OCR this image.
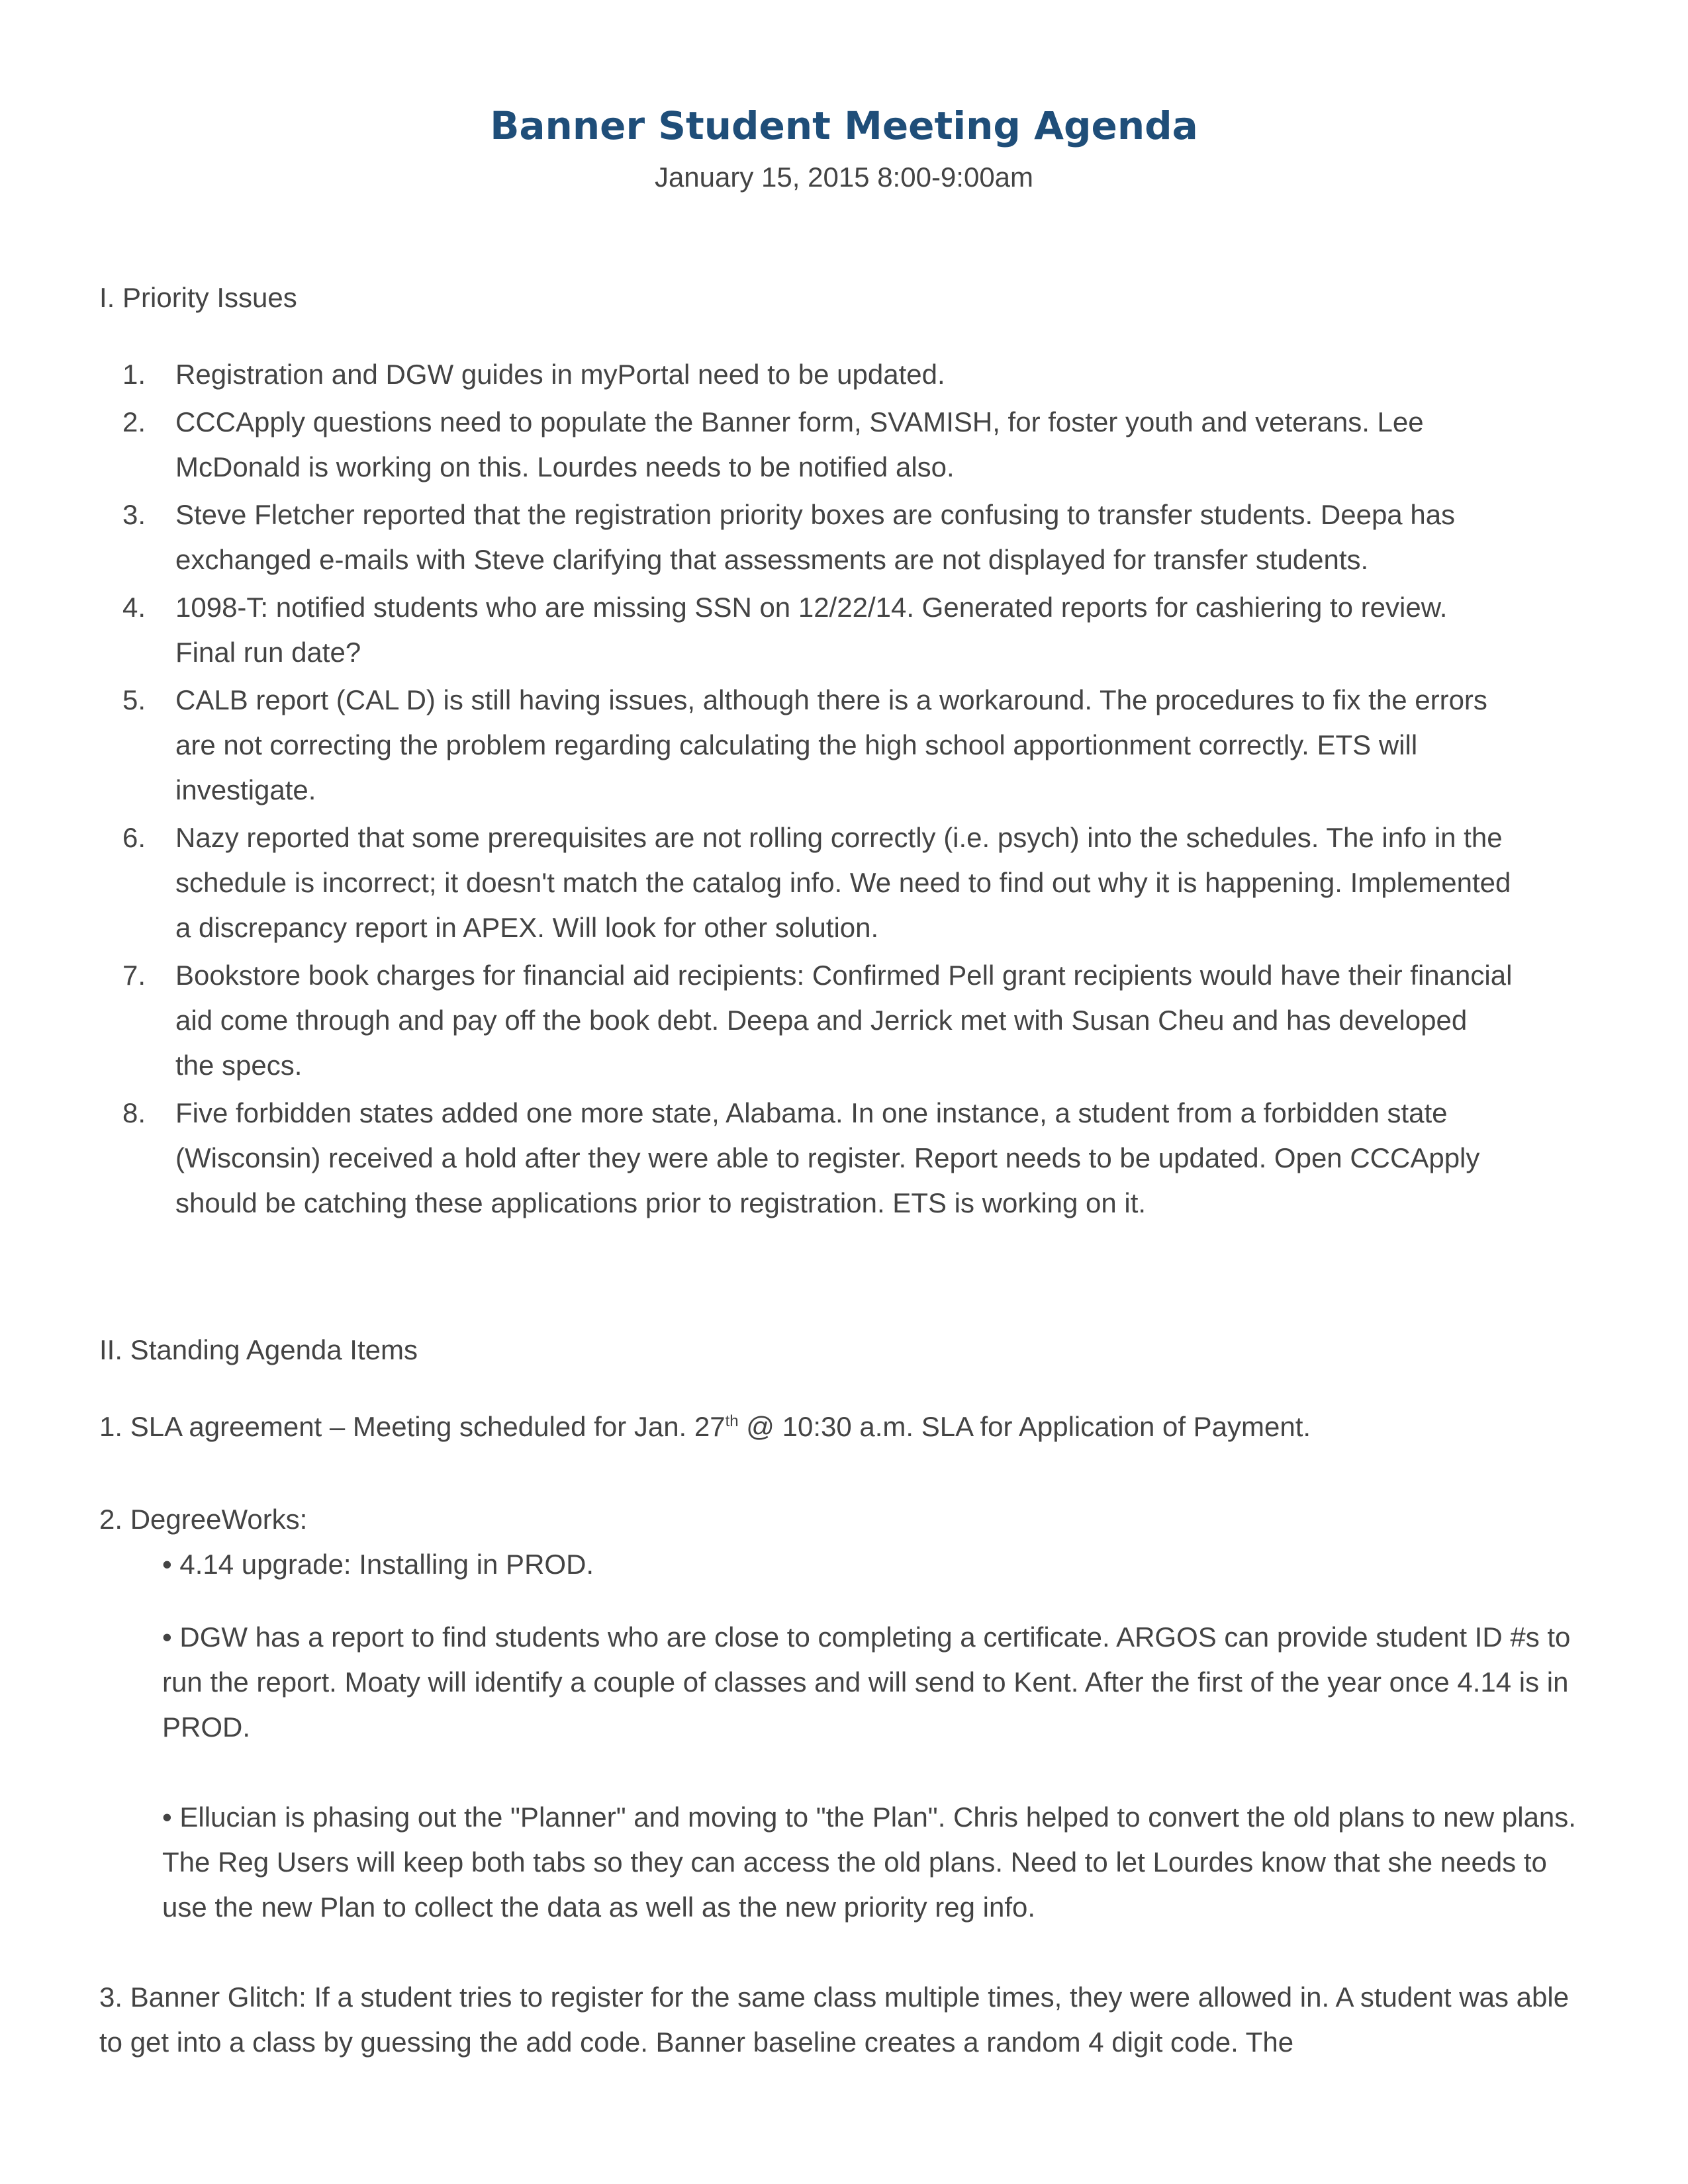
Banner Student Meeting Agenda

January 15, 2015 8:00-9:00am

I. Priority Issues
1. Registration and DGW guides in myPortal need to be updated.
2. CCCApply questions need to populate the Banner form, SVAMISH, for foster youth and veterans. Lee McDonald is working on this. Lourdes needs to be notified also.
3. Steve Fletcher reported that the registration priority boxes are confusing to transfer students. Deepa has exchanged e-mails with Steve clarifying that assessments are not displayed for transfer students.
4. 1098-T: notified students who are missing SSN on 12/22/14. Generated reports for cashiering to review. Final run date?
5. CALB report (CAL D) is still having issues, although there is a workaround. The procedures to fix the errors are not correcting the problem regarding calculating the high school apportionment correctly. ETS will investigate.
6. Nazy reported that some prerequisites are not rolling correctly (i.e. psych) into the schedules. The info in the schedule is incorrect; it doesn't match the catalog info. We need to find out why it is happening. Implemented a discrepancy report in APEX. Will look for other solution.
7. Bookstore book charges for financial aid recipients: Confirmed Pell grant recipients would have their financial aid come through and pay off the book debt. Deepa and Jerrick met with Susan Cheu and has developed the specs.
8. Five forbidden states added one more state, Alabama. In one instance, a student from a forbidden state (Wisconsin) received a hold after they were able to register. Report needs to be updated. Open CCCApply should be catching these applications prior to registration. ETS is working on it.
II. Standing Agenda Items

1. SLA agreement – Meeting scheduled for Jan. 27th @ 10:30 a.m. SLA for Application of Payment.

2. DegreeWorks:

• 4.14 upgrade: Installing in PROD.

• DGW has a report to find students who are close to completing a certificate. ARGOS can provide student ID #s to run the report. Moaty will identify a couple of classes and will send to Kent. After the first of the year once 4.14 is in PROD.

• Ellucian is phasing out the "Planner" and moving to "the Plan". Chris helped to convert the old plans to new plans. The Reg Users will keep both tabs so they can access the old plans. Need to let Lourdes know that she needs to use the new Plan to collect the data as well as the new priority reg info.

3. Banner Glitch: If a student tries to register for the same class multiple times, they were allowed in. A student was able to get into a class by guessing the add code. Banner baseline creates a random 4 digit code. The
